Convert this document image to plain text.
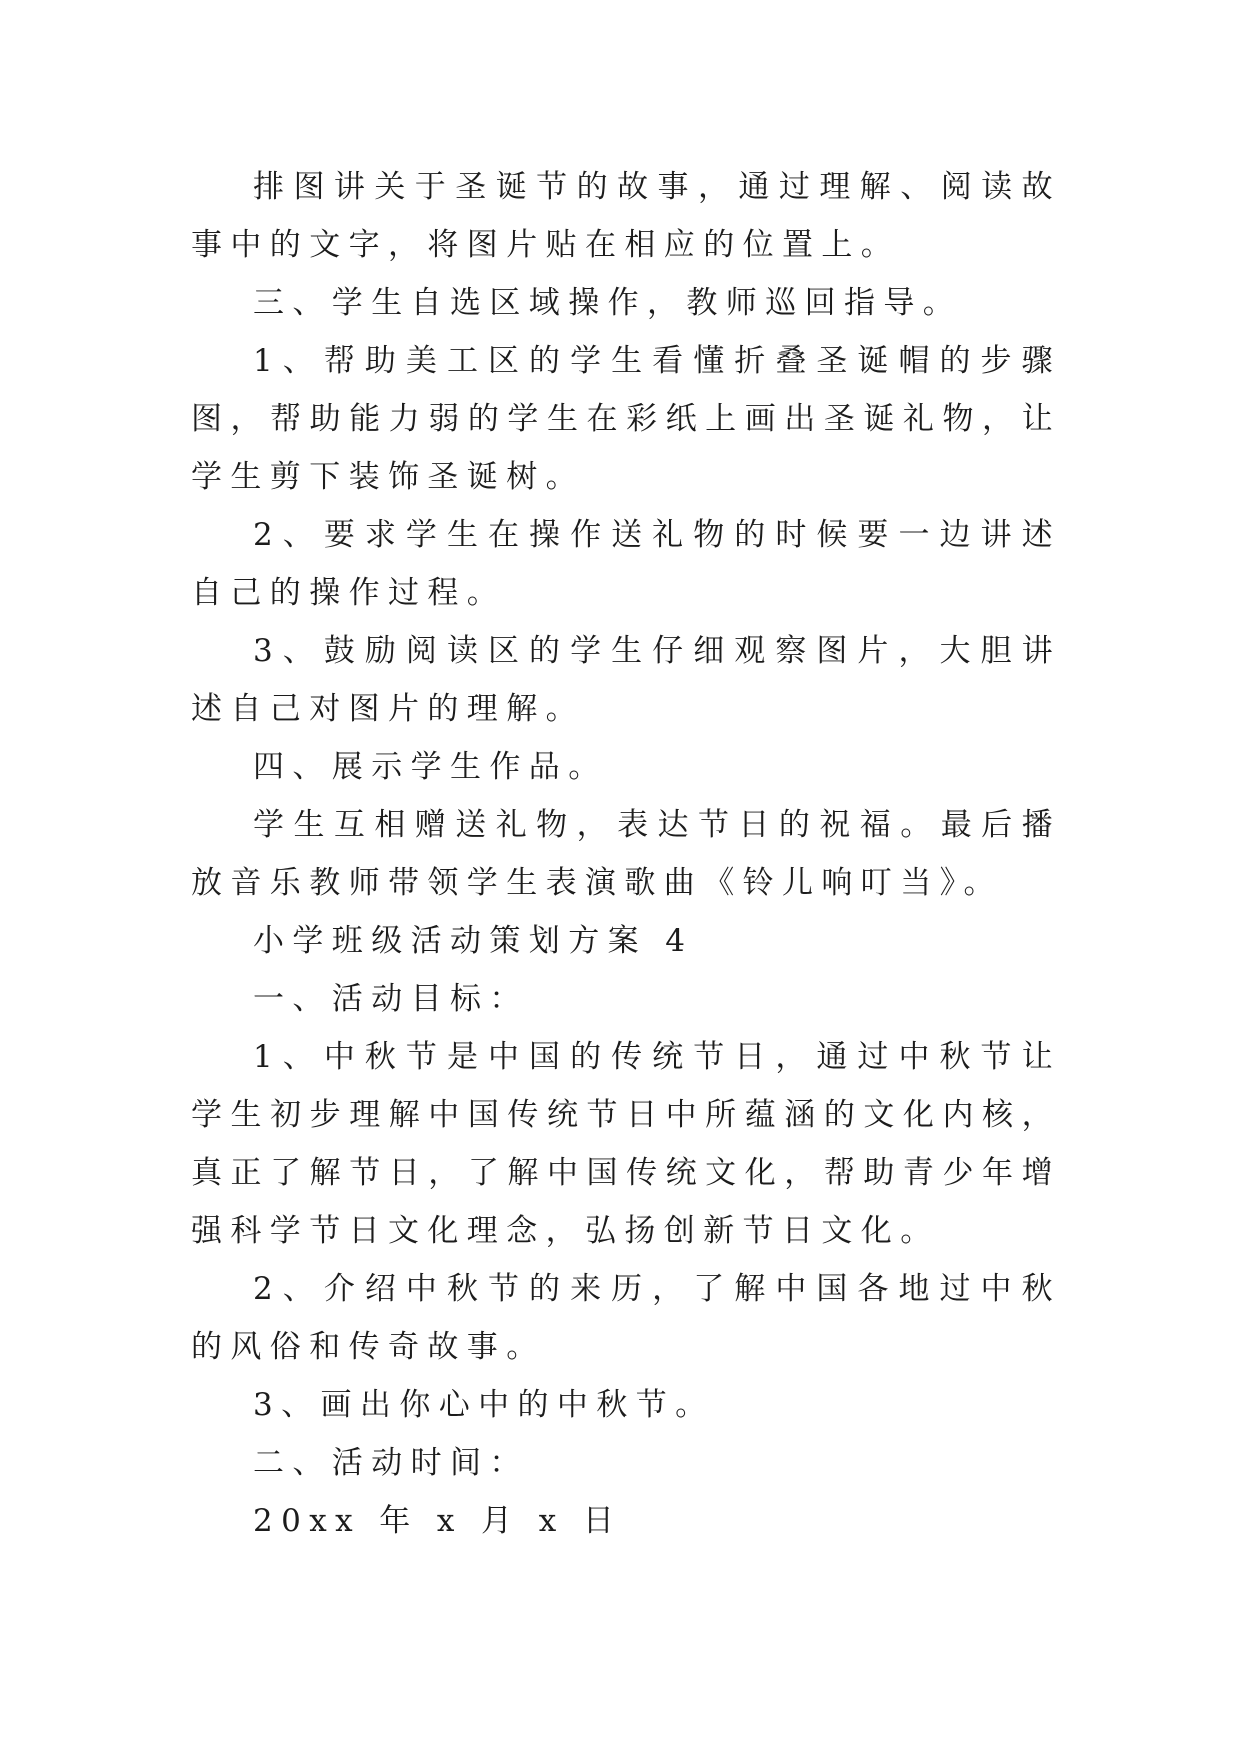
排图讲关于圣诞节的故事，通过理解、阅读故事中的文字，将图片贴在相应的位置上。

三、学生自选区域操作，教师巡回指导。

1、帮助美工区的学生看懂折叠圣诞帽的步骤图，帮助能力弱的学生在彩纸上画出圣诞礼物，让学生剪下装饰圣诞树。

2、要求学生在操作送礼物的时候要一边讲述自己的操作过程。

3、鼓励阅读区的学生仔细观察图片，大胆讲述自己对图片的理解。

四、展示学生作品。

学生互相赠送礼物，表达节日的祝福。最后播放音乐教师带领学生表演歌曲《铃儿响叮当》。

小学班级活动策划方案 4

一、活动目标：

1、中秋节是中国的传统节日，通过中秋节让学生初步理解中国传统节日中所蕴涵的文化内核，真正了解节日，了解中国传统文化，帮助青少年增强科学节日文化理念，弘扬创新节日文化。

2、介绍中秋节的来历，了解中国各地过中秋的风俗和传奇故事。

3、画出你心中的中秋节。

二、活动时间：

20xx 年 x 月 x 日
